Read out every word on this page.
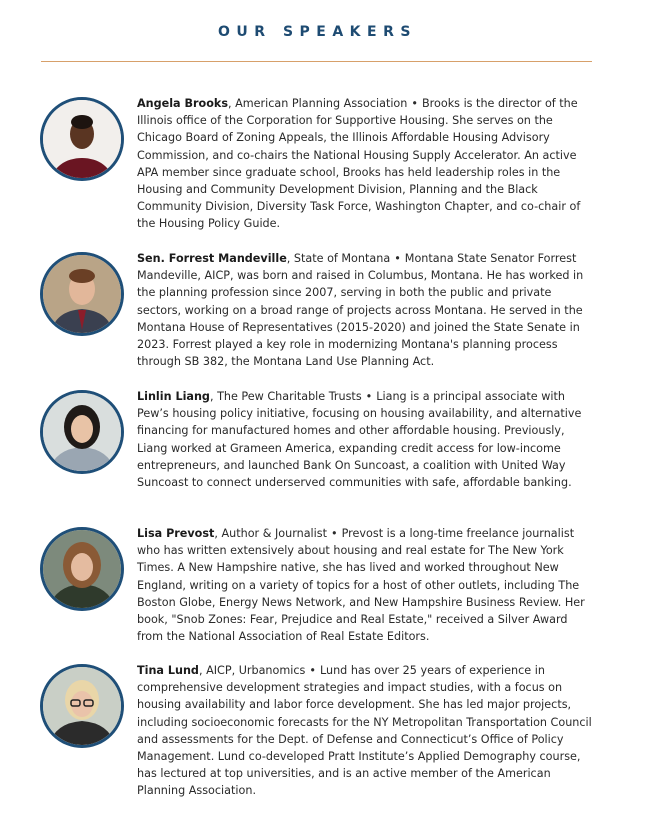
OUR SPEAKERS
Angela Brooks, American Planning Association • Brooks is the director of the Illinois office of the Corporation for Supportive Housing. She serves on the Chicago Board of Zoning Appeals, the Illinois Affordable Housing Advisory Commission, and co-chairs the National Housing Supply Accelerator. An active APA member since graduate school, Brooks has held leadership roles in the Housing and Community Development Division, Planning and the Black Community Division, Diversity Task Force, Washington Chapter, and co-chair of the Housing Policy Guide.
Sen. Forrest Mandeville, State of Montana • Montana State Senator Forrest Mandeville, AICP, was born and raised in Columbus, Montana. He has worked in the planning profession since 2007, serving in both the public and private sectors, working on a broad range of projects across Montana. He served in the Montana House of Representatives (2015-2020) and joined the State Senate in 2023. Forrest played a key role in modernizing Montana's planning process through SB 382, the Montana Land Use Planning Act.
Linlin Liang, The Pew Charitable Trusts • Liang is a principal associate with Pew’s housing policy initiative, focusing on housing availability, and alternative financing for manufactured homes and other affordable housing. Previously, Liang worked at Grameen America, expanding credit access for low-income entrepreneurs, and launched Bank On Suncoast, a coalition with United Way Suncoast to connect underserved communities with safe, affordable banking.
Lisa Prevost, Author & Journalist • Prevost is a long-time freelance journalist who has written extensively about housing and real estate for The New York Times. A New Hampshire native, she has lived and worked throughout New England, writing on a variety of topics for a host of other outlets, including The Boston Globe, Energy News Network, and New Hampshire Business Review. Her book, "Snob Zones: Fear, Prejudice and Real Estate," received a Silver Award from the National Association of Real Estate Editors.
Tina Lund, AICP, Urbanomics • Lund has over 25 years of experience in comprehensive development strategies and impact studies, with a focus on housing availability and labor force development. She has led major projects, including socioeconomic forecasts for the NY Metropolitan Transportation Council and assessments for the Dept. of Defense and Connecticut’s Office of Policy Management. Lund co-developed Pratt Institute’s Applied Demography course, has lectured at top universities, and is an active member of the American Planning Association.
